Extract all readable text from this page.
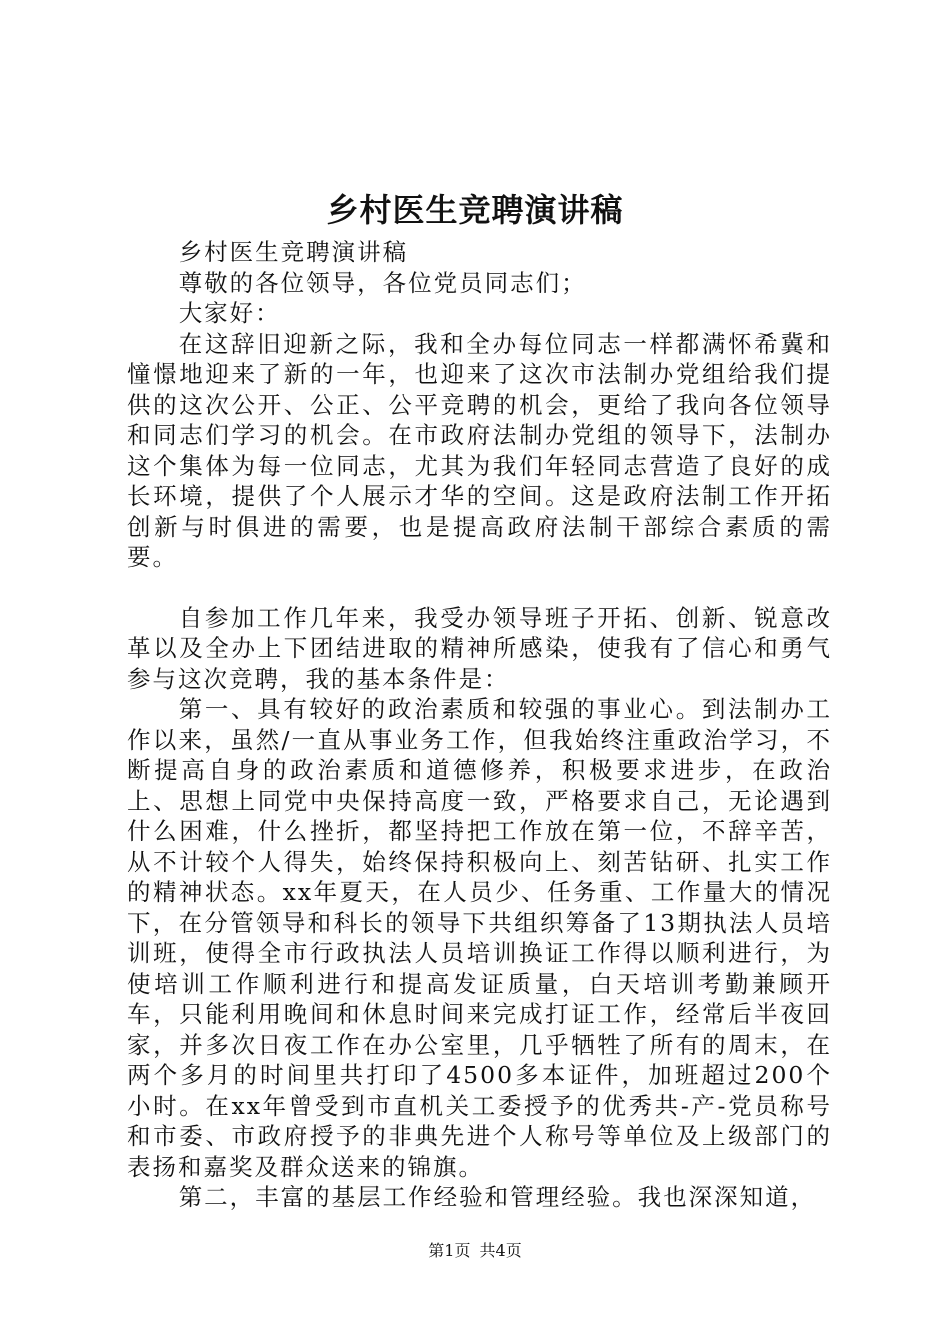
乡村医生竞聘演讲稿

乡村医生竞聘演讲稿

尊敬的各位领导，各位党员同志们；

大家好：

在这辞旧迎新之际，我和全办每位同志一样都满怀希冀和憧憬地迎来了新的一年，也迎来了这次市法制办党组给我们提供的这次公开、公正、公平竞聘的机会，更给了我向各位领导和同志们学习的机会。在市政府法制办党组的领导下，法制办这个集体为每一位同志，尤其为我们年轻同志营造了良好的成长环境，提供了个人展示才华的空间。这是政府法制工作开拓创新与时俱进的需要，也是提高政府法制干部综合素质的需要。

自参加工作几年来，我受办领导班子开拓、创新、锐意改革以及全办上下团结进取的精神所感染，使我有了信心和勇气参与这次竞聘，我的基本条件是：

第一、具有较好的政治素质和较强的事业心。到法制办工作以来，虽然/一直从事业务工作，但我始终注重政治学习，不断提高自身的政治素质和道德修养，积极要求进步，在政治上、思想上同党中央保持高度一致，严格要求自己，无论遇到什么困难，什么挫折，都坚持把工作放在第一位，不辞辛苦，从不计较个人得失，始终保持积极向上、刻苦钻研、扎实工作的精神状态。xx年夏天，在人员少、任务重、工作量大的情况下，在分管领导和科长的领导下共组织筹备了13期执法人员培训班，使得全市行政执法人员培训换证工作得以顺利进行，为使培训工作顺利进行和提高发证质量，白天培训考勤兼顾开车，只能利用晚间和休息时间来完成打证工作，经常后半夜回家，并多次日夜工作在办公室里，几乎牺牲了所有的周末，在两个多月的时间里共打印了4500多本证件，加班超过200个小时。在xx年曾受到市直机关工委授予的优秀共-产-党员称号和市委、市政府授予的非典先进个人称号等单位及上级部门的表扬和嘉奖及群众送来的锦旗。

第二，丰富的基层工作经验和管理经验。我也深深知道，

第1页 共4页
